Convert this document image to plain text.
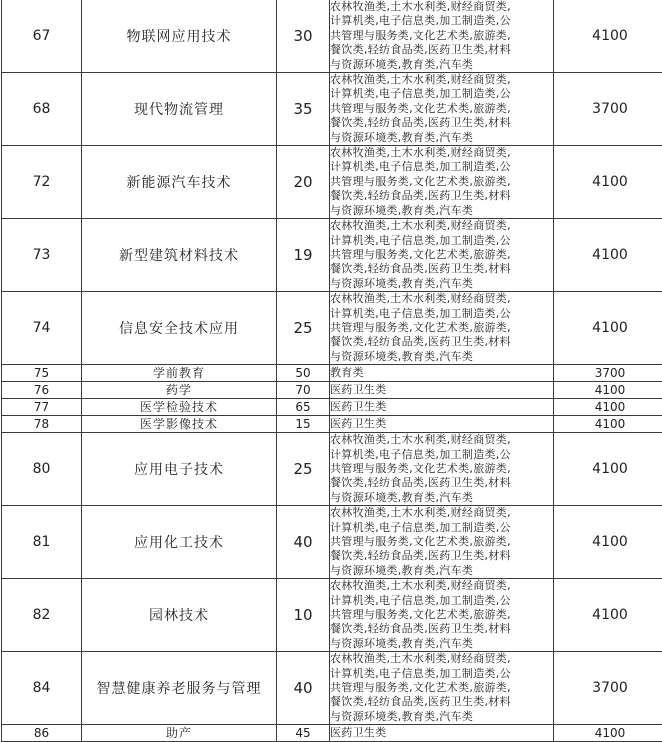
67	物联网应用技术	30	农林牧渔类,土木水利类,财经商贸类,
计算机类,电子信息类,加工制造类,公
共管理与服务类,文化艺术类,旅游类,
餐饮类,轻纺食品类,医药卫生类,材料
与资源环境类,教育类,汽车类	4100
68	现代物流管理	35	农林牧渔类,土木水利类,财经商贸类,
计算机类,电子信息类,加工制造类,公
共管理与服务类,文化艺术类,旅游类,
餐饮类,轻纺食品类,医药卫生类,材料
与资源环境类,教育类,汽车类	3700
72	新能源汽车技术	20	农林牧渔类,土木水利类,财经商贸类,
计算机类,电子信息类,加工制造类,公
共管理与服务类,文化艺术类,旅游类,
餐饮类,轻纺食品类,医药卫生类,材料
与资源环境类,教育类,汽车类	4100
73	新型建筑材料技术	19	农林牧渔类,土木水利类,财经商贸类,
计算机类,电子信息类,加工制造类,公
共管理与服务类,文化艺术类,旅游类,
餐饮类,轻纺食品类,医药卫生类,材料
与资源环境类,教育类,汽车类	4100
74	信息安全技术应用	25	农林牧渔类,土木水利类,财经商贸类,
计算机类,电子信息类,加工制造类,公
共管理与服务类,文化艺术类,旅游类,
餐饮类,轻纺食品类,医药卫生类,材料
与资源环境类,教育类,汽车类	4100
75	学前教育	50	教育类	3700
76	药学	70	医药卫生类	4100
77	医学检验技术	65	医药卫生类	4100
78	医学影像技术	15	医药卫生类	4100
80	应用电子技术	25	农林牧渔类,土木水利类,财经商贸类,
计算机类,电子信息类,加工制造类,公
共管理与服务类,文化艺术类,旅游类,
餐饮类,轻纺食品类,医药卫生类,材料
与资源环境类,教育类,汽车类	4100
81	应用化工技术	40	农林牧渔类,土木水利类,财经商贸类,
计算机类,电子信息类,加工制造类,公
共管理与服务类,文化艺术类,旅游类,
餐饮类,轻纺食品类,医药卫生类,材料
与资源环境类,教育类,汽车类	4100
82	园林技术	10	农林牧渔类,土木水利类,财经商贸类,
计算机类,电子信息类,加工制造类,公
共管理与服务类,文化艺术类,旅游类,
餐饮类,轻纺食品类,医药卫生类,材料
与资源环境类,教育类,汽车类	4100
84	智慧健康养老服务与管理	40	农林牧渔类,土木水利类,财经商贸类,
计算机类,电子信息类,加工制造类,公
共管理与服务类,文化艺术类,旅游类,
餐饮类,轻纺食品类,医药卫生类,材料
与资源环境类,教育类,汽车类	3700
86	助产	45	医药卫生类	4100
